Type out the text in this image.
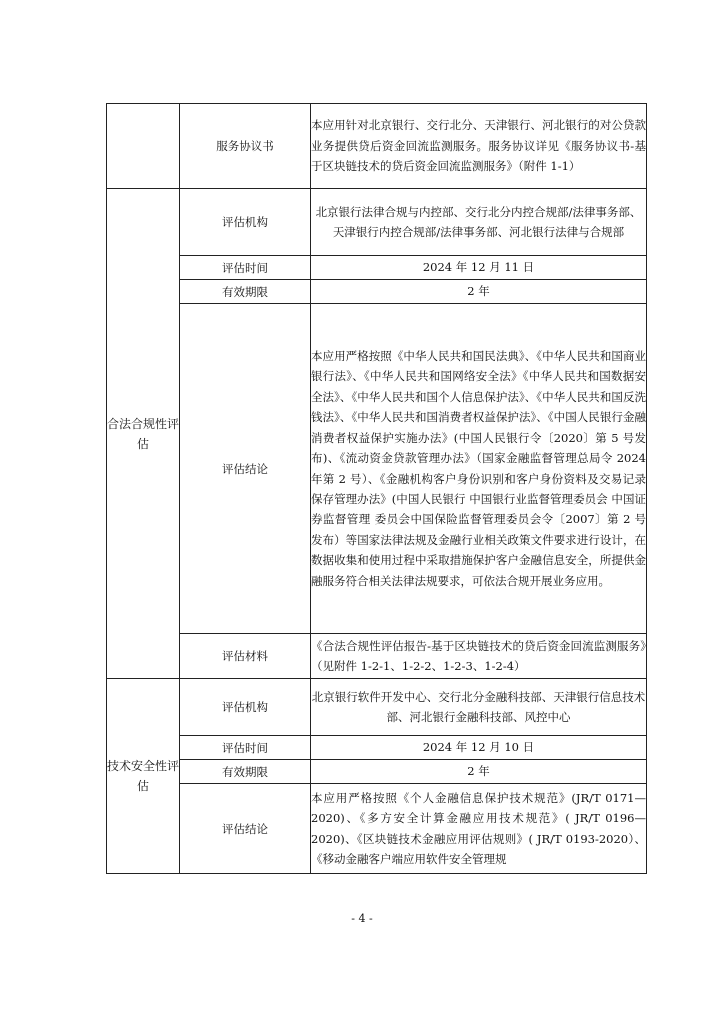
	服务协议书	本应用针对北京银行、交行北分、天津银行、河北银行的对公贷款业务提供贷后资金回流监测服务。服务协议详见《服务协议书-基于区块链技术的贷后资金回流监测服务》（附件 1-1）
合法合规性评估	评估机构	北京银行法律合规与内控部、交行北分内控合规部/法律事务部、 天津银行内控合规部/法律事务部、河北银行法律与合规部
	评估时间	2024 年 12 月 11 日
	有效期限	2 年
	评估结论	本应用严格按照《中华人民共和国民法典》、《中华人民共和国商业银行法》、《中华人民共和国网络安全法》《中华人民共和国数据安全法》、《中华人民共和国个人信息保护法》、《中华人民共和国反洗钱法》、《中华人民共和国消费者权益保护法》、《中国人民银行金融消费者权益保护实施办法》(中国人民银行令〔2020〕第 5 号发布)、《流动资金贷款管理办法》（国家金融监督管理总局令 2024 年第 2 号）、《金融机构客户身份识别和客户身份资料及交易记录保存管理办法》(中国人民银行 中国银行业监督管理委员会 中国证券监督管理 委员会中国保险监督管理委员会令〔2007〕第 2 号发布）等国家法律法规及金融行业相关政策文件要求进行设计，在数据收集和使用过程中采取措施保护客户金融信息安全，所提供金融服务符合相关法律法规要求，可依法合规开展业务应用。
	评估材料	《合法合规性评估报告-基于区块链技术的贷后资金回流监测服务》（见附件 1-2-1、1-2-2、1-2-3、1-2-4）
技术安全性评估	评估机构	北京银行软件开发中心、交行北分金融科技部、天津银行信息技术部、河北银行金融科技部、风控中心
	评估时间	2024 年 12 月 10 日
	有效期限	2 年
	评估结论	本应用严格按照《个人金融信息保护技术规范》(JR/T 0171—2020)、《多方安全计算金融应用技术规范》( JR/T 0196—2020)、《区块链技术金融应用评估规则》( JR/T 0193-2020）、《移动金融客户端应用软件安全管理规
- 4 -
